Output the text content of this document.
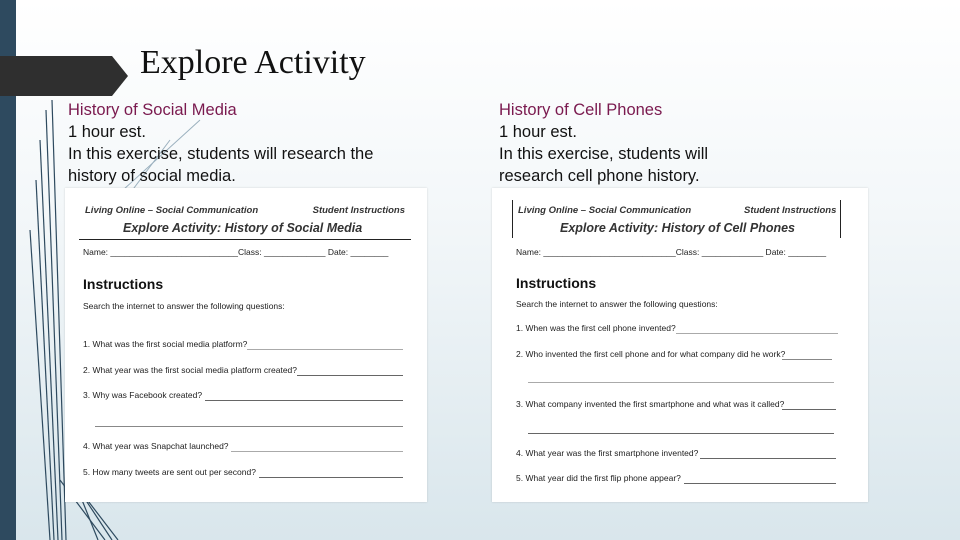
Explore Activity
History of Social Media
1 hour est.
In this exercise, students will research the
history of social media.
History of Cell Phones
1 hour est.
In this exercise, students will
research cell phone history.
Living Online – Social Communication	Student Instructions
Explore Activity: History of Social Media
Name: ___________________________Class: _____________ Date: ________
Instructions
Search the internet to answer the following questions:
1. What was the first social media platform?
2. What year was the first social media platform created?
3. Why was Facebook created?
4. What year was Snapchat launched?
5. How many tweets are sent out per second?
Living Online – Social Communication	Student Instructions
Explore Activity: History of Cell Phones
Name: ____________________________Class: _____________ Date: ________
Instructions
Search the internet to answer the following questions:
1. When was the first cell phone invented?
2. Who invented the first cell phone and for what company did he work?
3. What company invented the first smartphone and what was it called?
4. What year was the first smartphone invented?
5. What year did the first flip phone appear?
